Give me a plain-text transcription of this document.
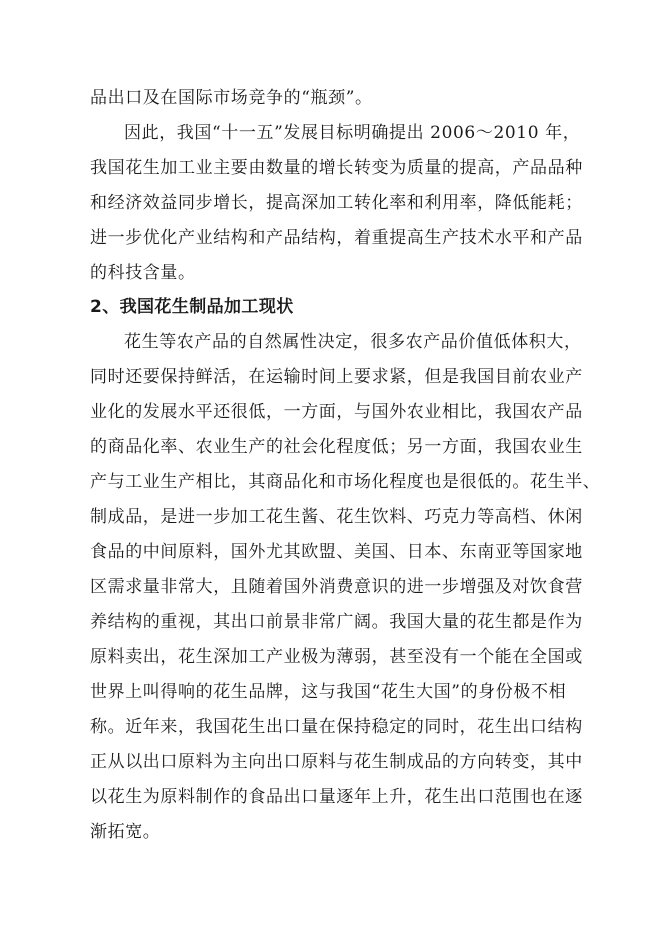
品出口及在国际市场竞争的“瓶颈”。
因此，我国“十一五”发展目标明确提出 2006～2010 年，
我国花生加工业主要由数量的增长转变为质量的提高，产品品种
和经济效益同步增长，提高深加工转化率和利用率，降低能耗；
进一步优化产业结构和产品结构，着重提高生产技术水平和产品
的科技含量。
2、我国花生制品加工现状
花生等农产品的自然属性决定，很多农产品价值低体积大，
同时还要保持鲜活，在运输时间上要求紧，但是我国目前农业产
业化的发展水平还很低，一方面，与国外农业相比，我国农产品
的商品化率、农业生产的社会化程度低；另一方面，我国农业生
产与工业生产相比，其商品化和市场化程度也是很低的。花生半、
制成品，是进一步加工花生酱、花生饮料、巧克力等高档、休闲
食品的中间原料，国外尤其欧盟、美国、日本、东南亚等国家地
区需求量非常大，且随着国外消费意识的进一步增强及对饮食营
养结构的重视，其出口前景非常广阔。我国大量的花生都是作为
原料卖出，花生深加工产业极为薄弱，甚至没有一个能在全国或
世界上叫得响的花生品牌，这与我国“花生大国”的身份极不相
称。近年来，我国花生出口量在保持稳定的同时，花生出口结构
正从以出口原料为主向出口原料与花生制成品的方向转变，其中
以花生为原料制作的食品出口量逐年上升，花生出口范围也在逐
渐拓宽。
